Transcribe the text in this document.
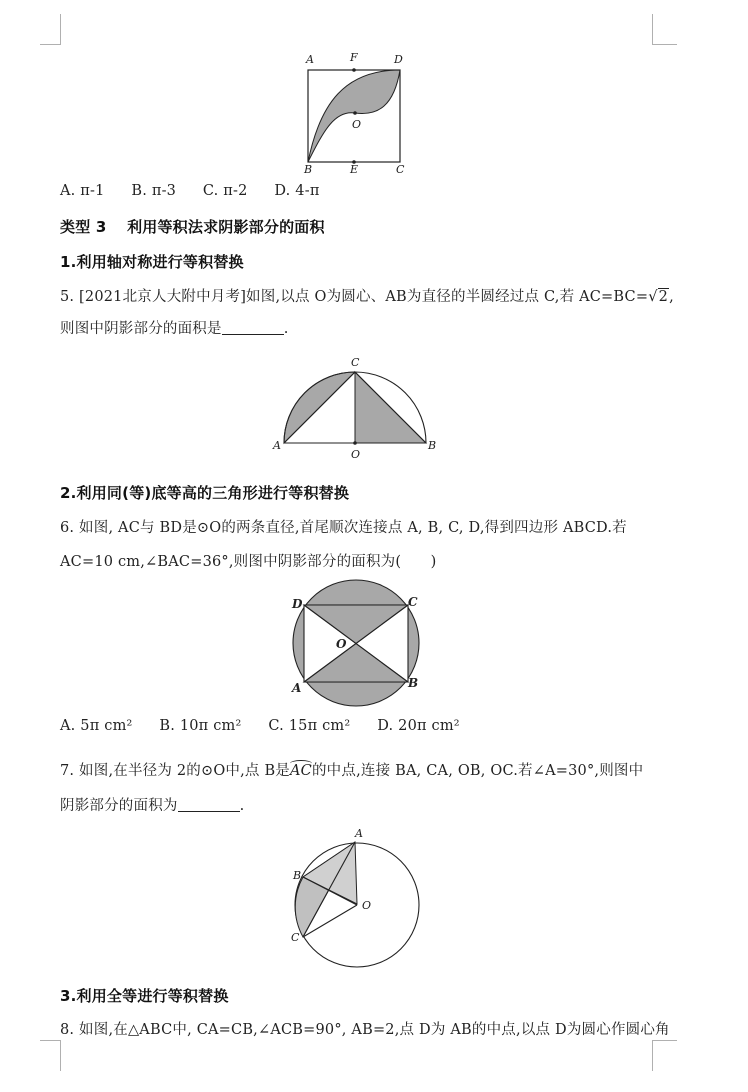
A	F	D
O
B	E	C
A. π-1 B. π-3 C. π-2 D. 4-π
类型 3　 利用等积法求阴影部分的面积
1.利用轴对称进行等积替换
5. [2021北京人大附中月考]如图,以点 O为圆心、AB为直径的半圆经过点 C,若 AC=BC=√2,
则图中阴影部分的面积是	.
A	B
C
O
2.利用同(等)底等高的三角形进行等积替换
6. 如图, AC与 BD是⊙O的两条直径,首尾顺次连接点 A, B, C, D,得到四边形 ABCD.若
AC=10 cm,∠BAC=36°,则图中阴影部分的面积为(　　)
D	C
O
A	B
A. 5π cm² B. 10π cm² C. 15π cm² D. 20π cm²
7. 如图,在半径为 2的⊙O中,点 B是AC的中点,连接 BA, CA, OB, OC.若∠A=30°,则图中
阴影部分的面积为	.
A
B
C
O
3.利用全等进行等积替换
8. 如图,在△ABC中, CA=CB,∠ACB=90°, AB=2,点 D为 AB的中点,以点 D为圆心作圆心角
